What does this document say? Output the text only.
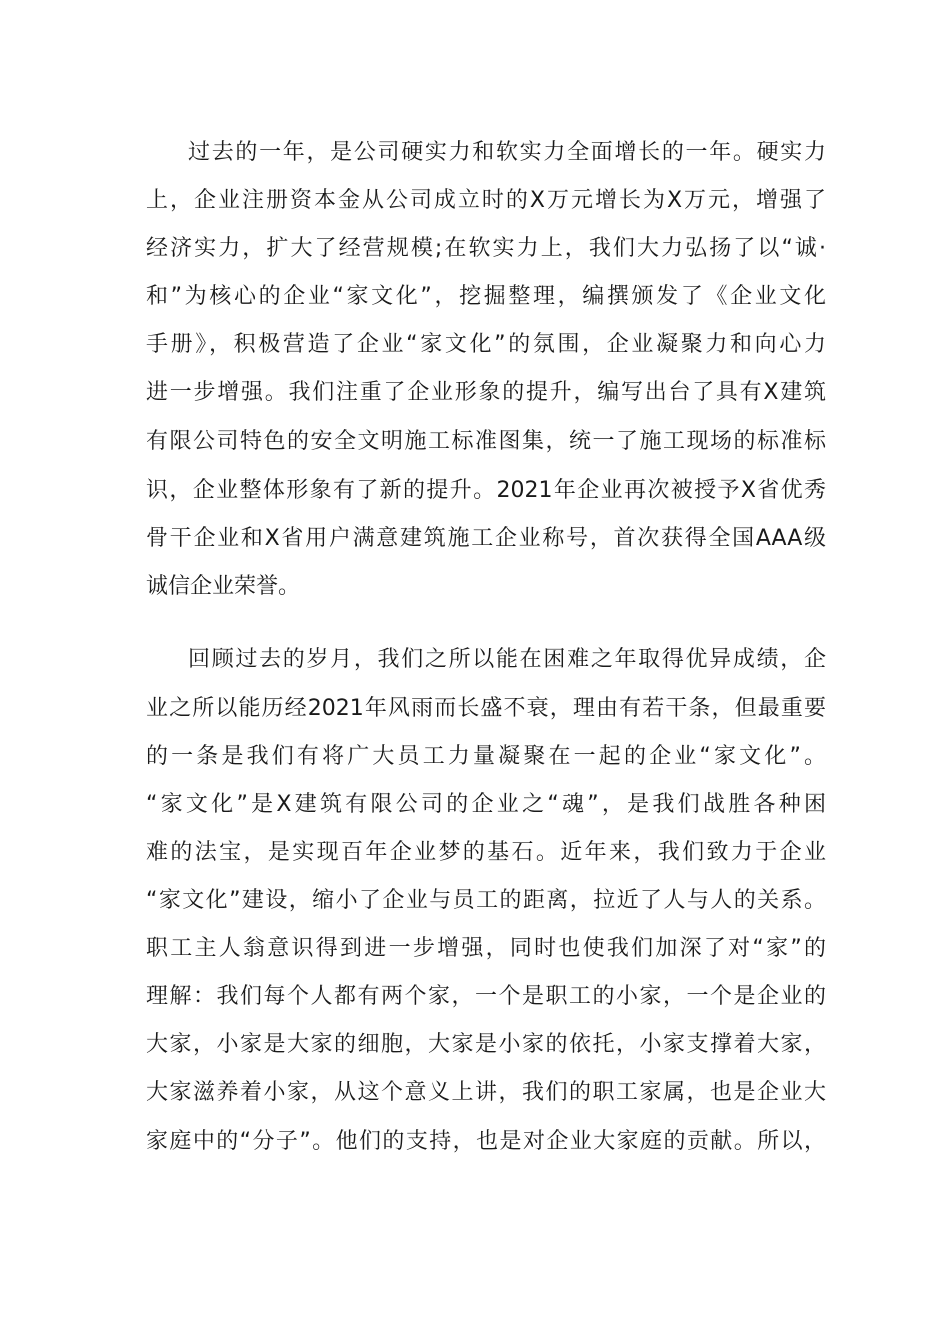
过去的一年，是公司硬实力和软实力全面增长的一年。硬实力
上，企业注册资本金从公司成立时的X万元增长为X万元，增强了
经济实力，扩大了经营规模;在软实力上，我们大力弘扬了以“诚·
和”为核心的企业“家文化”，挖掘整理，编撰颁发了《企业文化
手册》，积极营造了企业“家文化”的氛围，企业凝聚力和向心力
进一步增强。我们注重了企业形象的提升，编写出台了具有X建筑
有限公司特色的安全文明施工标准图集，统一了施工现场的标准标
识，企业整体形象有了新的提升。2021年企业再次被授予X省优秀
骨干企业和X省用户满意建筑施工企业称号，首次获得全国AAA级
诚信企业荣誉。
回顾过去的岁月，我们之所以能在困难之年取得优异成绩，企
业之所以能历经2021年风雨而长盛不衰，理由有若干条，但最重要
的一条是我们有将广大员工力量凝聚在一起的企业“家文化”。
“家文化”是X建筑有限公司的企业之“魂”，是我们战胜各种困
难的法宝，是实现百年企业梦的基石。近年来，我们致力于企业
“家文化”建设，缩小了企业与员工的距离，拉近了人与人的关系。
职工主人翁意识得到进一步增强，同时也使我们加深了对“家”的
理解：我们每个人都有两个家，一个是职工的小家，一个是企业的
大家，小家是大家的细胞，大家是小家的依托，小家支撑着大家，
大家滋养着小家，从这个意义上讲，我们的职工家属，也是企业大
家庭中的“分子”。他们的支持，也是对企业大家庭的贡献。所以，
